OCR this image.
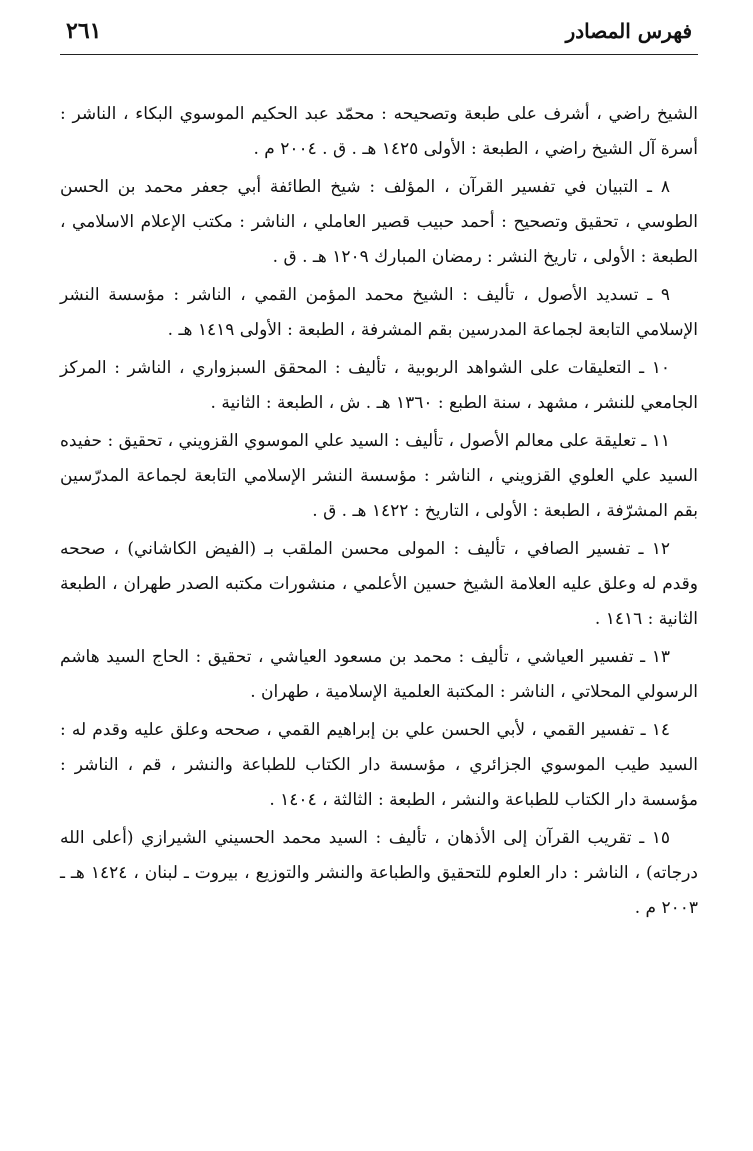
فهرس المصادر
٢٦١

الشيخ راضي ، أشرف على طبعة وتصحيحه : محمّد عبد الحكيم الموسوي البكاء ، الناشر : أسرة آل الشيخ راضي ، الطبعة : الأولى ١٤٢٥ هـ . ق . ٢٠٠٤ م .

٨ ـ التبيان في تفسير القرآن ، المؤلف : شيخ الطائفة أبي جعفر محمد بن الحسن الطوسي ، تحقيق وتصحيح : أحمد حبيب قصير العاملي ، الناشر : مكتب الإعلام الاسلامي ، الطبعة : الأولى ، تاريخ النشر : رمضان المبارك ١٢٠٩ هـ . ق .

٩ ـ تسديد الأصول ، تأليف : الشيخ محمد المؤمن القمي ، الناشر : مؤسسة النشر الإسلامي التابعة لجماعة المدرسين بقم المشرفة ، الطبعة : الأولى ١٤١٩ هـ .

١٠ ـ التعليقات على الشواهد الربوبية ، تأليف : المحقق السبزواري ، الناشر : المركز الجامعي للنشر ، مشهد ، سنة الطبع : ١٣٦٠ هـ . ش ، الطبعة : الثانية .

١١ ـ تعليقة على معالم الأصول ، تأليف : السيد علي الموسوي القزويني ، تحقيق : حفيده السيد علي العلوي القزويني ، الناشر : مؤسسة النشر الإسلامي التابعة لجماعة المدرّسين بقم المشرّفة ، الطبعة : الأولى ، التاريخ : ١٤٢٢ هـ . ق .

١٢ ـ تفسير الصافي ، تأليف : المولى محسن الملقب بـ (الفيض الكاشاني) ، صححه وقدم له وعلق عليه العلامة الشيخ حسين الأعلمي ، منشورات مكتبه الصدر طهران ، الطبعة الثانية : ١٤١٦ .

١٣ ـ تفسير العياشي ، تأليف : محمد بن مسعود العياشي ، تحقيق : الحاج السيد هاشم الرسولي المحلاتي ، الناشر : المكتبة العلمية الإسلامية ، طهران .

١٤ ـ تفسير القمي ، لأبي الحسن علي بن إبراهيم القمي ، صححه وعلق عليه وقدم له : السيد طيب الموسوي الجزائري ، مؤسسة دار الكتاب للطباعة والنشر ، قم ، الناشر : مؤسسة دار الكتاب للطباعة والنشر ، الطبعة : الثالثة ، ١٤٠٤ .

١٥ ـ تقريب القرآن إلى الأذهان ، تأليف : السيد محمد الحسيني الشيرازي (أعلى الله درجاته) ، الناشر : دار العلوم للتحقيق والطباعة والنشر والتوزيع ، بيروت ـ لبنان ، ١٤٢٤ هـ ـ ٢٠٠٣ م .
